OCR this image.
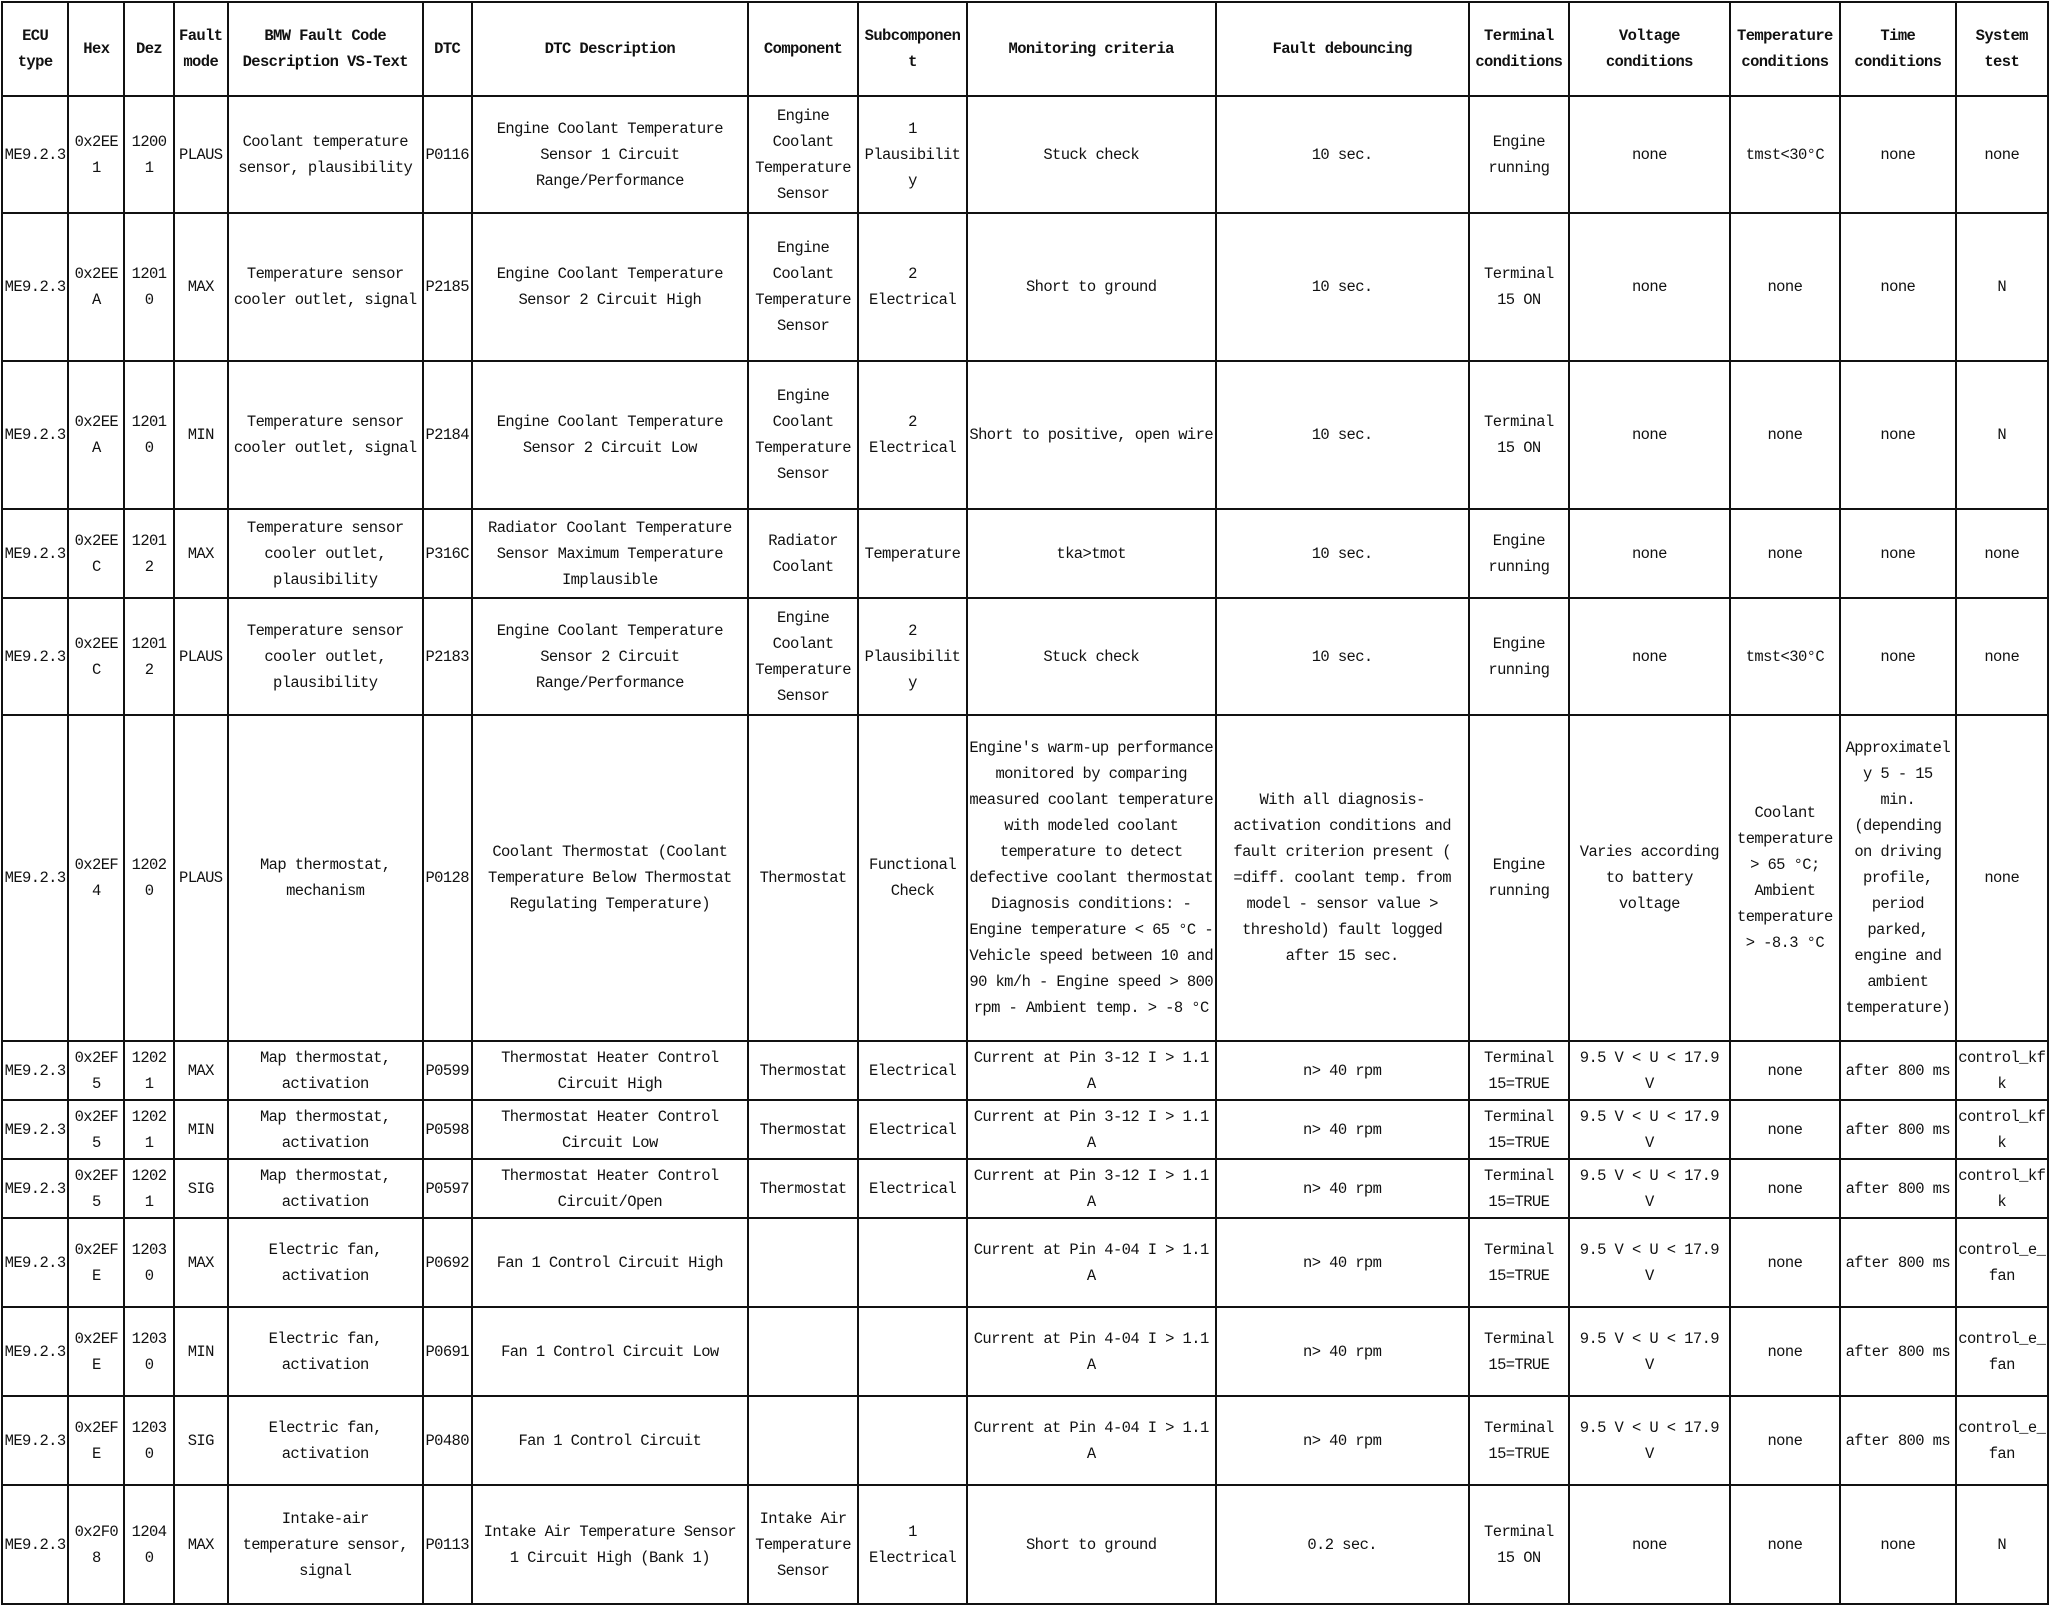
ECU type	Hex	Dez	Fault mode	BMW Fault Code Description VS-Text	DTC	DTC Description	Component	Subcomponent	Monitoring criteria	Fault debouncing	Terminal conditions	Voltage conditions	Temperature conditions	Time conditions	System test
ME9.2.3	0x2EE1	12001	PLAUS	Coolant temperature sensor, plausibility	P0116	Engine Coolant Temperature Sensor 1 Circuit Range/Performance	Engine Coolant Temperature Sensor	1 Plausibility	Stuck check	10 sec.	Engine running	none	tmst<30°C	none	none
ME9.2.3	0x2EEA	12010	MAX	Temperature sensor cooler outlet, signal	P2185	Engine Coolant Temperature Sensor 2 Circuit High	Engine Coolant Temperature Sensor	2 Electrical	Short to ground	10 sec.	Terminal 15 ON	none	none	none	N
ME9.2.3	0x2EEA	12010	MIN	Temperature sensor cooler outlet, signal	P2184	Engine Coolant Temperature Sensor 2 Circuit Low	Engine Coolant Temperature Sensor	2 Electrical	Short to positive, open wire	10 sec.	Terminal 15 ON	none	none	none	N
ME9.2.3	0x2EEC	12012	MAX	Temperature sensor cooler outlet, plausibility	P316C	Radiator Coolant Temperature Sensor Maximum Temperature Implausible	Radiator Coolant	Temperature	tka>tmot	10 sec.	Engine running	none	none	none	none
ME9.2.3	0x2EEC	12012	PLAUS	Temperature sensor cooler outlet, plausibility	P2183	Engine Coolant Temperature Sensor 2 Circuit Range/Performance	Engine Coolant Temperature Sensor	2 Plausibility	Stuck check	10 sec.	Engine running	none	tmst<30°C	none	none
ME9.2.3	0x2EF4	12020	PLAUS	Map thermostat, mechanism	P0128	Coolant Thermostat (Coolant Temperature Below Thermostat Regulating Temperature)	Thermostat	Functional Check	Engine's warm-up performance monitored by comparing measured coolant temperature with modeled coolant temperature to detect defective coolant thermostat Diagnosis conditions: - Engine temperature < 65 °C - Vehicle speed between 10 and 90 km/h - Engine speed > 800 rpm - Ambient temp. > -8 °C	With all diagnosis-activation conditions and fault criterion present ( =diff. coolant temp. from model - sensor value > threshold) fault logged after 15 sec.	Engine running	Varies according to battery voltage	Coolant temperature > 65 °C; Ambient temperature > -8.3 °C	Approximately 5 - 15 min. (depending on driving profile, period parked, engine and ambient temperature)	none
ME9.2.3	0x2EF5	12021	MAX	Map thermostat, activation	P0599	Thermostat Heater Control Circuit High	Thermostat	Electrical	Current at Pin 3-12 I > 1.1 A	n> 40 rpm	Terminal 15=TRUE	9.5 V < U < 17.9 V	none	after 800 ms	control_kfk
ME9.2.3	0x2EF5	12021	MIN	Map thermostat, activation	P0598	Thermostat Heater Control Circuit Low	Thermostat	Electrical	Current at Pin 3-12 I > 1.1 A	n> 40 rpm	Terminal 15=TRUE	9.5 V < U < 17.9 V	none	after 800 ms	control_kfk
ME9.2.3	0x2EF5	12021	SIG	Map thermostat, activation	P0597	Thermostat Heater Control Circuit/Open	Thermostat	Electrical	Current at Pin 3-12 I > 1.1 A	n> 40 rpm	Terminal 15=TRUE	9.5 V < U < 17.9 V	none	after 800 ms	control_kfk
ME9.2.3	0x2EFE	12030	MAX	Electric fan, activation	P0692	Fan 1 Control Circuit High			Current at Pin 4-04 I > 1.1 A	n> 40 rpm	Terminal 15=TRUE	9.5 V < U < 17.9 V	none	after 800 ms	control_e_fan
ME9.2.3	0x2EFE	12030	MIN	Electric fan, activation	P0691	Fan 1 Control Circuit Low			Current at Pin 4-04 I > 1.1 A	n> 40 rpm	Terminal 15=TRUE	9.5 V < U < 17.9 V	none	after 800 ms	control_e_fan
ME9.2.3	0x2EFE	12030	SIG	Electric fan, activation	P0480	Fan 1 Control Circuit			Current at Pin 4-04 I > 1.1 A	n> 40 rpm	Terminal 15=TRUE	9.5 V < U < 17.9 V	none	after 800 ms	control_e_fan
ME9.2.3	0x2F08	12040	MAX	Intake-air temperature sensor, signal	P0113	Intake Air Temperature Sensor 1 Circuit High (Bank 1)	Intake Air Temperature Sensor	1 Electrical	Short to ground	0.2 sec.	Terminal 15 ON	none	none	none	N
